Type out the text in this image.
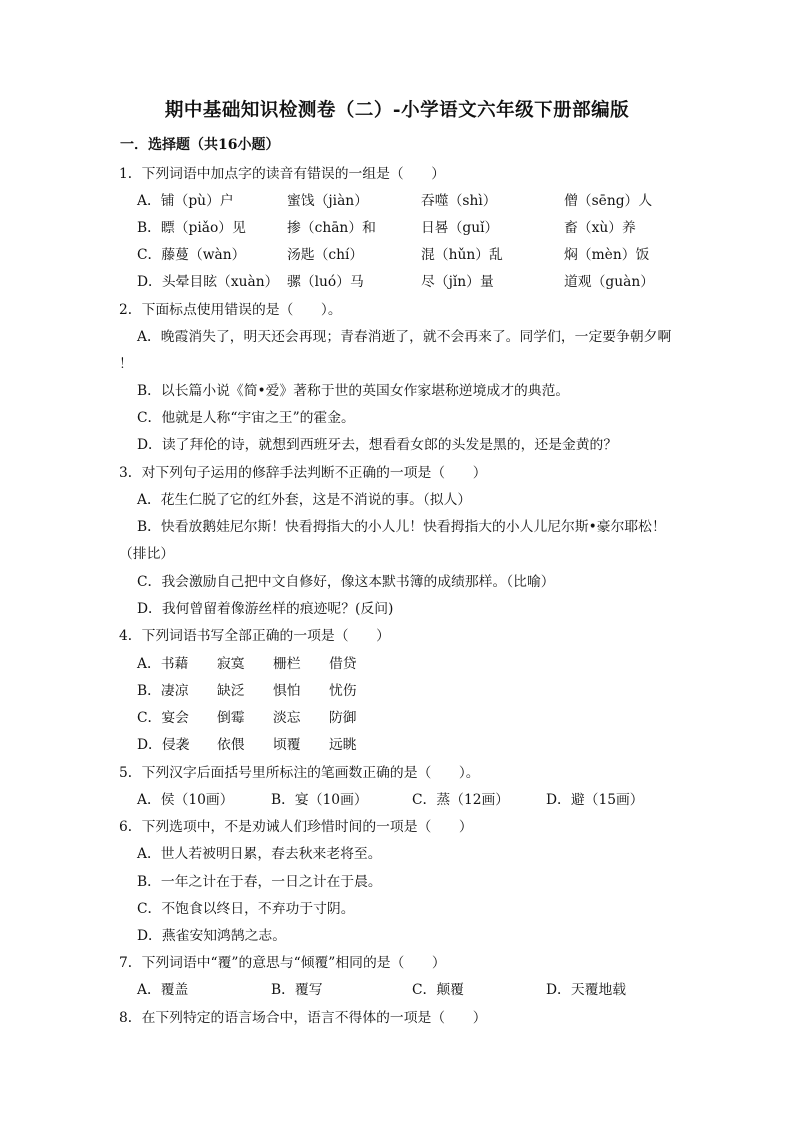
期中基础知识检测卷（二）-小学语文六年级下册部编版
一．选择题（共16小题）
1．下列词语中加点字的读音有错误的一组是（　　）
A．铺（pù）户	蜜饯（jiàn）	吞噬（shì）	僧（sēng）人
B．瞟（piǎo）见	掺（chān）和	日晷（guǐ）	畜（xù）养
C．藤蔓（wàn）	汤匙（chí）	混（hǔn）乱	焖（mèn）饭
D．头晕目眩（xuàn） 骡（luó）马	尽（jǐn）量	道观（guàn）
2．下面标点使用错误的是（　　）。
A．晚霞消失了，明天还会再现；青春消逝了，就不会再来了。同学们，一定要争朝夕啊
！
B．以长篇小说《简•爱》著称于世的英国女作家堪称逆境成才的典范。
C．他就是人称“宇宙之王”的霍金。
D．读了拜伦的诗，就想到西班牙去，想看看女郎的头发是黑的，还是金黄的？
3．对下列句子运用的修辞手法判断不正确的一项是（　　）
A．花生仁脱了它的红外套，这是不消说的事。（拟人）
B．快看放鹅娃尼尔斯！快看拇指大的小人儿！快看拇指大的小人儿尼尔斯•豪尔耶松！
（排比）
C．我会激励自己把中文自修好，像这本默书簿的成绩那样。（比喻）
D．我何曾留着像游丝样的痕迹呢？(反问)
4．下列词语书写全部正确的一项是（　　）
A．书藉 寂寞 栅栏 借贷
B．凄凉 缺泛 惧怕 忧伤
C．宴会 倒霉 淡忘 防御
D．侵袭 依偎 顷覆 远眺
5．下列汉字后面括号里所标注的笔画数正确的是（　　）。
A．侯（10画）	B．宴（10画）	C．蒸（12画）	D．避（15画）
6．下列选项中，不是劝诫人们珍惜时间的一项是（　　）
A．世人若被明日累，春去秋来老将至。
B．一年之计在于春，一日之计在于晨。
C．不饱食以终日，不弃功于寸阴。
D．燕雀安知鸿鹄之志。
7．下列词语中“覆”的意思与“倾覆”相同的是（　　）
A．覆盖	B．覆写	C．颠覆	D．天覆地载
8．在下列特定的语言场合中，语言不得体的一项是（　　）
